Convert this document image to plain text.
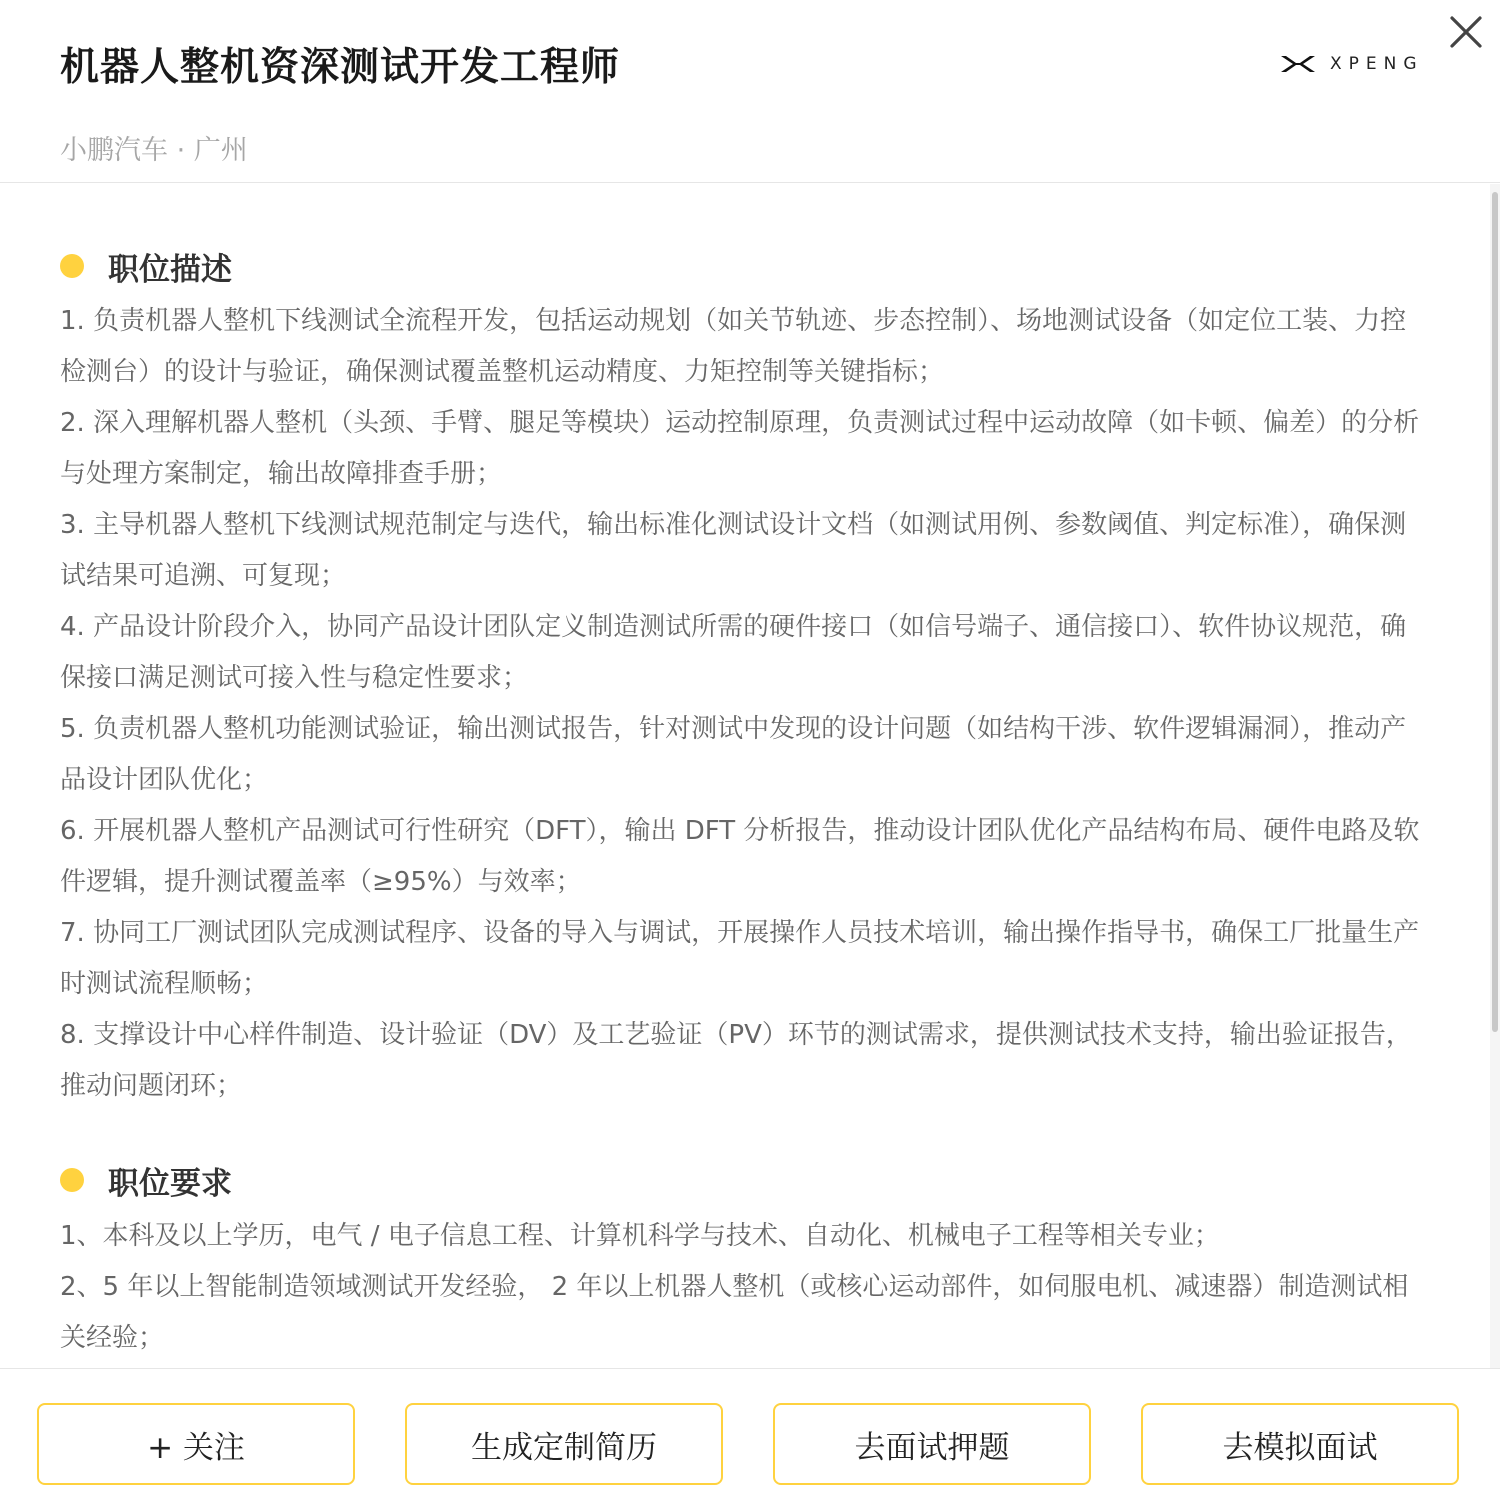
机器人整机资深测试开发工程师
小鹏汽车 · 广州
XPENG
职位描述

1. 负责机器人整机下线测试全流程开发，包括运动规划（如关节轨迹、步态控制）、场地测试设备（如定位工装、力控检测台）的设计与验证，确保测试覆盖整机运动精度、力矩控制等关键指标；

2. 深入理解机器人整机（头颈、手臂、腿足等模块）运动控制原理，负责测试过程中运动故障（如卡顿、偏差）的分析与处理方案制定，输出故障排查手册；

3. 主导机器人整机下线测试规范制定与迭代，输出标准化测试设计文档（如测试用例、参数阈值、判定标准），确保测试结果可追溯、可复现；

4. 产品设计阶段介入，协同产品设计团队定义制造测试所需的硬件接口（如信号端子、通信接口）、软件协议规范，确保接口满足测试可接入性与稳定性要求；

5. 负责机器人整机功能测试验证，输出测试报告，针对测试中发现的设计问题（如结构干涉、软件逻辑漏洞），推动产品设计团队优化；

6. 开展机器人整机产品测试可行性研究（DFT），输出 DFT 分析报告，推动设计团队优化产品结构布局、硬件电路及软件逻辑，提升测试覆盖率（≥95%）与效率；

7. 协同工厂测试团队完成测试程序、设备的导入与调试，开展操作人员技术培训，输出操作指导书，确保工厂批量生产时测试流程顺畅；

8. 支撑设计中心样件制造、设计验证（DV）及工艺验证（PV）环节的测试需求，提供测试技术支持，输出验证报告，推动问题闭环；

职位要求

1、本科及以上学历，电气 / 电子信息工程、计算机科学与技术、自动化、机械电子工程等相关专业；

2、5 年以上智能制造领域测试开发经验， 2 年以上机器人整机（或核心运动部件，如伺服电机、减速器）制造测试相关经验；

+ 关注	生成定制简历	去面试押题	去模拟面试
